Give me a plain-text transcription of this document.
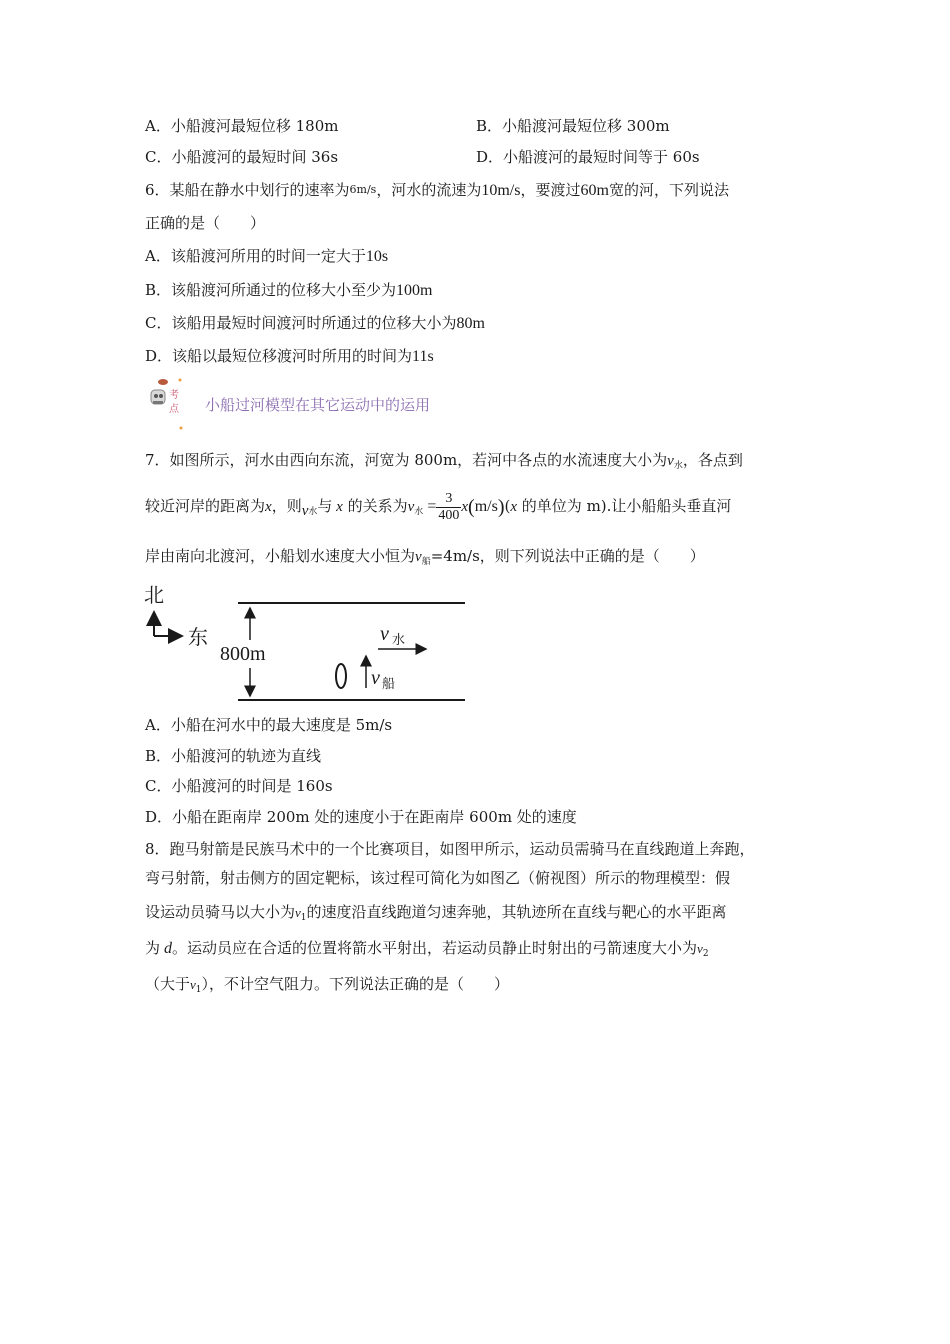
A．小船渡河最短位移 180m	B．小船渡河最短位移 300m
C．小船渡河的最短时间 36s	D．小船渡河的最短时间等于 60s
6．某船在静水中划行的速率为6m/s，河水的流速为10m/s，要渡过60m宽的河，下列说法
正确的是（　　）
A．该船渡河所用的时间一定大于10s
B．该船渡河所通过的位移大小至少为100m
C．该船用最短时间渡河时所通过的位移大小为80m
D．该船以最短位移渡河时所用的时间为11s
考
点 小船过河模型在其它运动中的运用
7．如图所示，河水由西向东流，河宽为 800m，若河中各点的水流速度大小为$v_水$，各点到
较近河岸的距离为x，则$v_水$与 x 的关系为$v_水 = \frac{3}{400} x(m/s)(x$ 的单位为 m).让小船船头垂直河
岸由南向北渡河，小船划水速度大小恒为$v_船=4m/s$，则下列说法中正确的是（　　）
北
东
800m
v 水
v 船
A．小船在河水中的最大速度是 5m/s
B．小船渡河的轨迹为直线
C．小船渡河的时间是 160s
D．小船在距南岸 200m 处的速度小于在距南岸 600m 处的速度
8．跑马射箭是民族马术中的一个比赛项目，如图甲所示，运动员需骑马在直线跑道上奔跑，
弯弓射箭，射击侧方的固定靶标，该过程可简化为如图乙（俯视图）所示的物理模型：假
设运动员骑马以大小为$v_1$的速度沿直线跑道匀速奔驰，其轨迹所在直线与靶心的水平距离
为 d。运动员应在合适的位置将箭水平射出，若运动员静止时射出的弓箭速度大小为$v_2$
（大于$v_1$），不计空气阻力。下列说法正确的是（　　）
